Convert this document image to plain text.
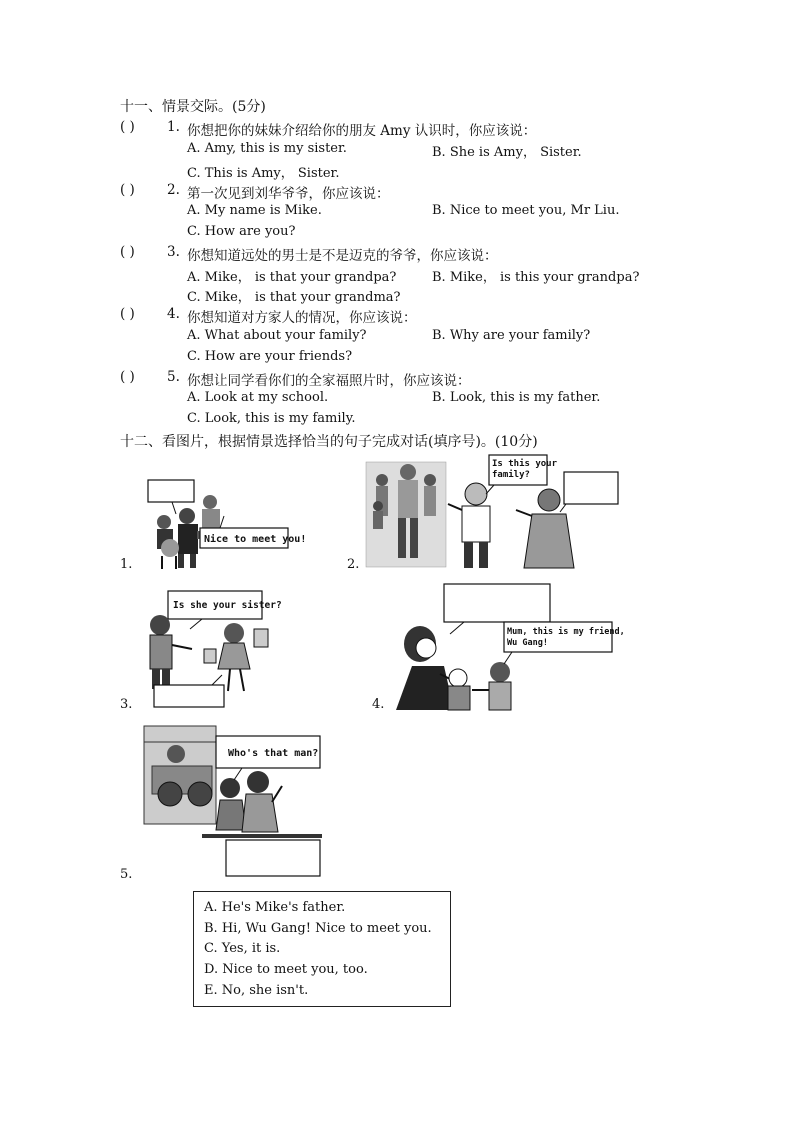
十一、情景交际。(5分)
( ) 1. 你想把你的妹妹介绍给你的朋友 Amy 认识时，你应该说：
A. Amy, this is my sister.	B. She is Amy， Sister.
C. This is Amy， Sister.
( ) 2. 第一次见到刘华爷爷，你应该说：
A. My name is Mike.	B. Nice to meet you, Mr Liu.
C. How are you?
( ) 3. 你想知道远处的男士是不是迈克的爷爷，你应该说：
A. Mike， is that your grandpa?	B. Mike， is this your grandpa?
C. Mike， is that your grandma?
( ) 4. 你想知道对方家人的情况，你应该说：
A. What about your family?	B. Why are your family?
C. How are your friends?
( ) 5. 你想让同学看你们的全家福照片时，你应该说：
A. Look at my school.	B. Look, this is my father.
C. Look, this is my family.
十二、看图片，根据情景选择恰当的句子完成对话(填序号)。(10分)
1.
Nice to meet you!
2.
Is this your family?
3.
Is she your sister?
4.
Mum, this is my friend, Wu Gang!
5.
Who's that man?
A. He's Mike's father.
B. Hi, Wu Gang! Nice to meet you.
C. Yes, it is.
D. Nice to meet you, too.
E. No, she isn't.
